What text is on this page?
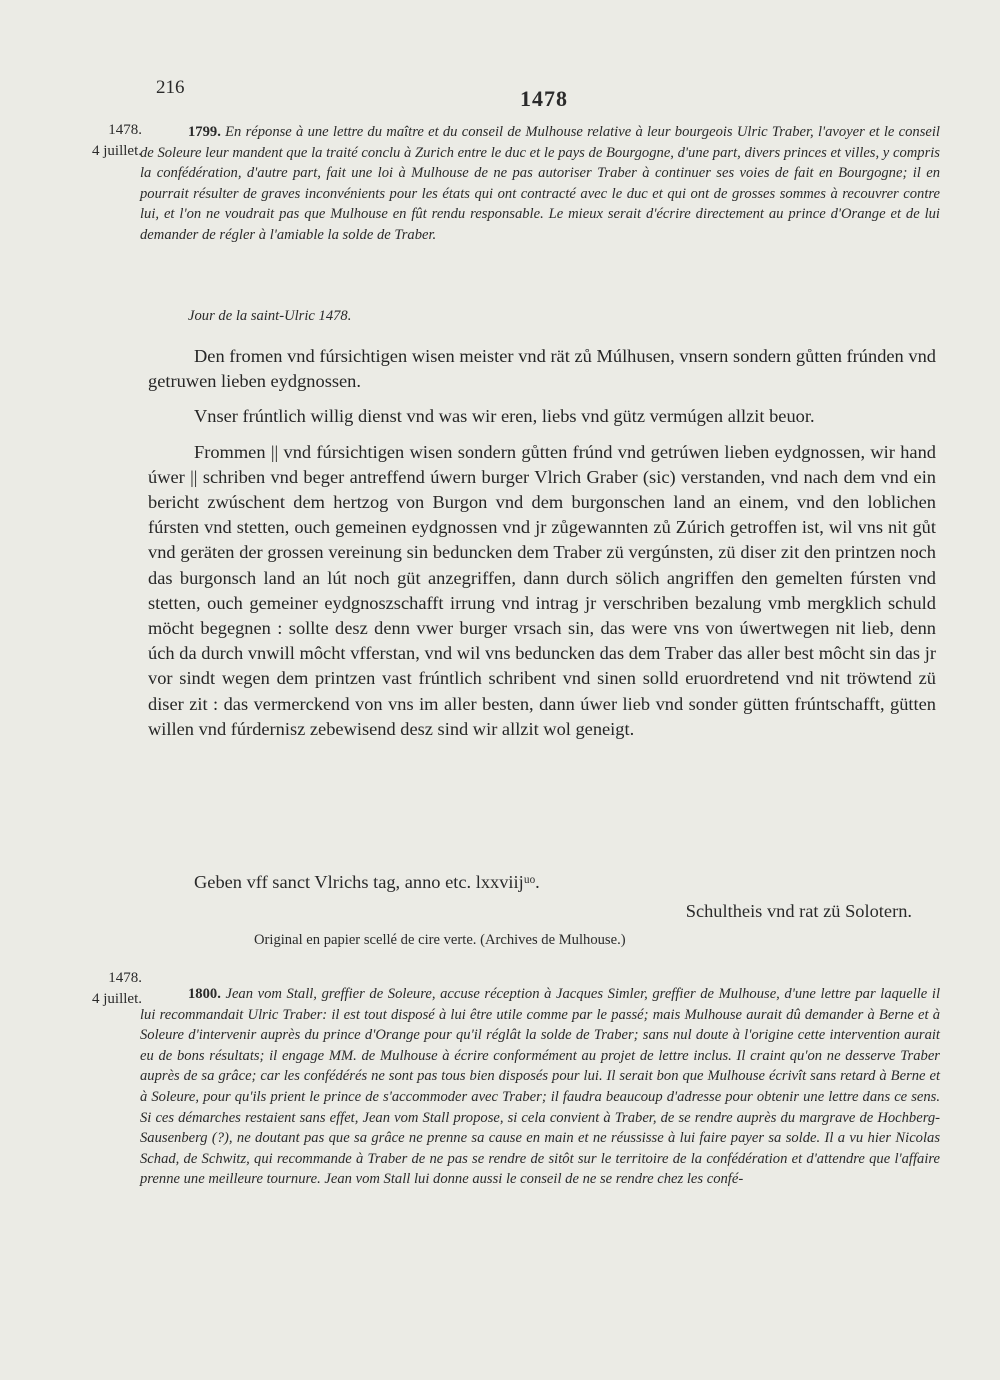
216	1478
1478.
4 juillet.
1799. En réponse à une lettre du maître et du conseil de Mulhouse relative à leur bourgeois Ulric Traber, l'avoyer et le conseil de Soleure leur mandent que la traité conclu à Zurich entre le duc et le pays de Bourgogne, d'une part, divers princes et villes, y compris la confédération, d'autre part, fait une loi à Mulhouse de ne pas autoriser Traber à continuer ses voies de fait en Bourgogne; il en pourrait résulter de graves inconvénients pour les états qui ont contracté avec le duc et qui ont de grosses sommes à recouvrer contre lui, et l'on ne voudrait pas que Mulhouse en fût rendu responsable. Le mieux serait d'écrire directement au prince d'Orange et de lui demander de régler à l'amiable la solde de Traber.
Jour de la saint-Ulric 1478.

Den fromen vnd fúrsichtigen wisen meister vnd rät zů Múlhusen, vnsern sondern gůtten frúnden vnd getruwen lieben eydgnossen.

Vnser frúntlich willig dienst vnd was wir eren, liebs vnd gütz vermúgen allzit beuor.

Frommen || vnd fúrsichtigen wisen sondern gůtten frúnd vnd getrúwen lieben eydgnossen, wir hand úwer || schriben vnd beger antreffend úwern burger Vlrich Graber (sic) verstanden, vnd nach dem vnd ein bericht zwúschent dem hertzog von Burgon vnd dem burgonschen land an einem, vnd den loblichen fúrsten vnd stetten, ouch gemeinen eydgnossen vnd jr zůgewannten zů Zúrich getroffen ist, wil vns nit gůt vnd geräten der grossen vereinung sin beduncken dem Traber zü vergúnsten, zü diser zit den printzen noch das burgonsch land an lút noch güt anzegriffen, dann durch sölich angriffen den gemelten fúrsten vnd stetten, ouch gemeiner eydgnoszschafft irrung vnd intrag jr verschriben bezalung vmb mergklich schuld möcht begegnen : sollte desz denn vwer burger vrsach sin, das were vns von úwertwegen nit lieb, denn úch da durch vnwill môcht vfferstan, vnd wil vns beduncken das dem Traber das aller best môcht sin das jr vor sindt wegen dem printzen vast frúntlich schribent vnd sinen solld eruordretend vnd nit tröwtend zü diser zit : das vermerckend von vns im aller besten, dann úwer lieb vnd sonder gütten frúntschafft, gütten willen vnd fúrdernisz zebewisend desz sind wir allzit wol geneigt.

Geben vff sanct Vlrichs tag, anno etc. lxxviijᵘᵒ.
Schultheis vnd rat zü Solotern.
Original en papier scellé de cire verte. (Archives de Mulhouse.)
1478.
4 juillet.	1800. Jean vom Stall, greffier de Soleure, accuse réception à Jacques Simler, greffier de Mulhouse, d'une lettre par laquelle il lui recommandait Ulric Traber: il est tout disposé à lui être utile comme par le passé; mais Mulhouse aurait dû demander à Berne et à Soleure d'intervenir auprès du prince d'Orange pour qu'il réglât la solde de Traber; sans nul doute à l'origine cette intervention aurait eu de bons résultats; il engage MM. de Mulhouse à écrire conformément au projet de lettre inclus. Il craint qu'on ne desserve Traber auprès de sa grâce; car les confédérés ne sont pas tous bien disposés pour lui. Il serait bon que Mulhouse écrivît sans retard à Berne et à Soleure, pour qu'ils prient le prince de s'accommoder avec Traber; il faudra beaucoup d'adresse pour obtenir une lettre dans ce sens. Si ces démarches restaient sans effet, Jean vom Stall propose, si cela convient à Traber, de se rendre auprès du margrave de Hochberg-Sausenberg (?), ne doutant pas que sa grâce ne prenne sa cause en main et ne réussisse à lui faire payer sa solde. Il a vu hier Nicolas Schad, de Schwitz, qui recommande à Traber de ne pas se rendre de sitôt sur le territoire de la confédération et d'attendre que l'affaire prenne une meilleure tournure. Jean vom Stall lui donne aussi le conseil de ne se rendre chez les confé-
